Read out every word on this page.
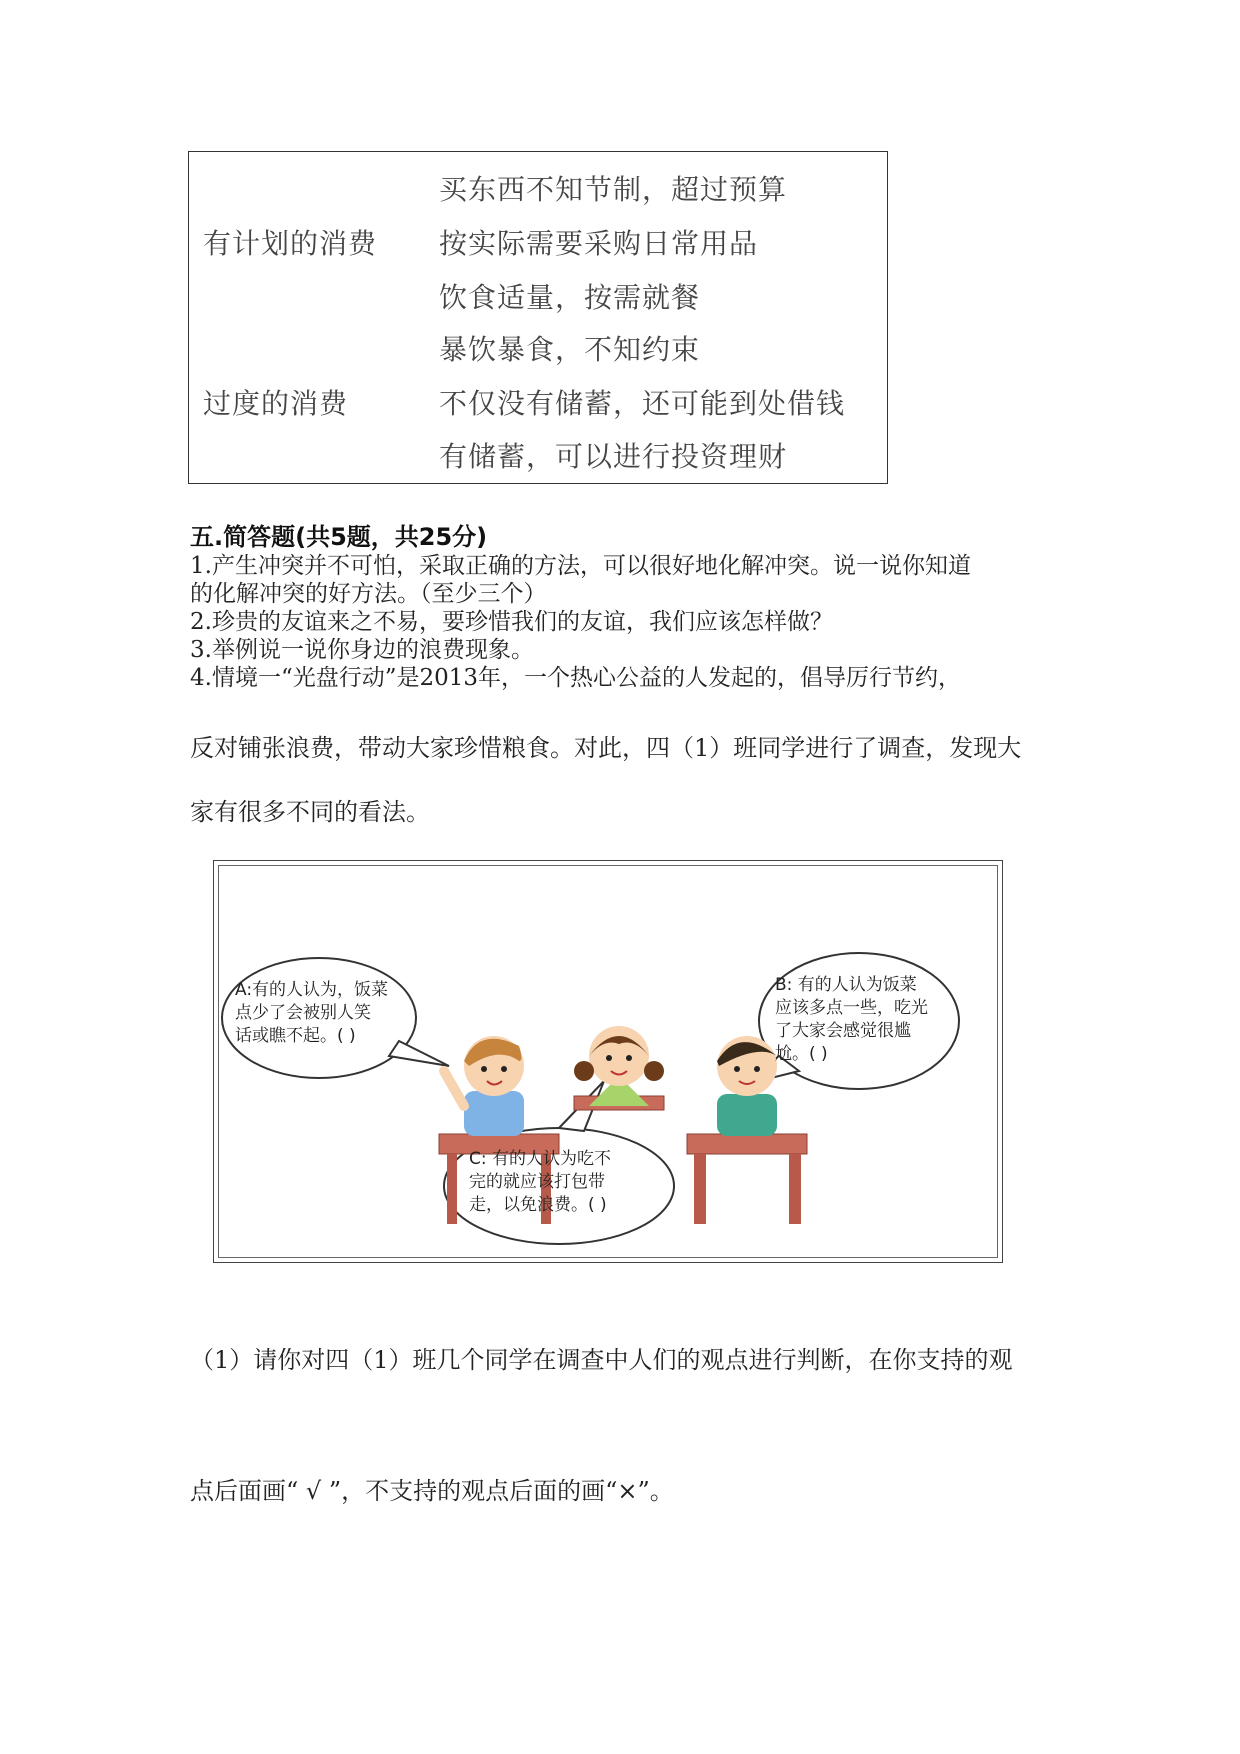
有计划的消费
过度的消费
买东西不知节制，超过预算
按实际需要采购日常用品
饮食适量，按需就餐
暴饮暴食，不知约束
不仅没有储蓄，还可能到处借钱
有储蓄，可以进行投资理财
五.简答题(共5题，共25分)
1.产生冲突并不可怕，采取正确的方法，可以很好地化解冲突。说一说你知道
的化解冲突的好方法。（至少三个）
2.珍贵的友谊来之不易，要珍惜我们的友谊，我们应该怎样做？
3.举例说一说你身边的浪费现象。
4.情境一“光盘行动”是2013年，一个热心公益的人发起的，倡导厉行节约，
反对铺张浪费，带动大家珍惜粮食。对此，四（1）班同学进行了调查，发现大
家有很多不同的看法。
A:有的人认为，饭菜
点少了会被别人笑
话或瞧不起。( )
B: 有的人认为饭菜
应该多点一些，吃光
了大家会感觉很尴
尬。( )
C: 有的人认为吃不
完的就应该打包带
走，以免浪费。( )
（1）请你对四（1）班几个同学在调查中人们的观点进行判断，在你支持的观
点后面画“ √ ”，不支持的观点后面的画“×”。
